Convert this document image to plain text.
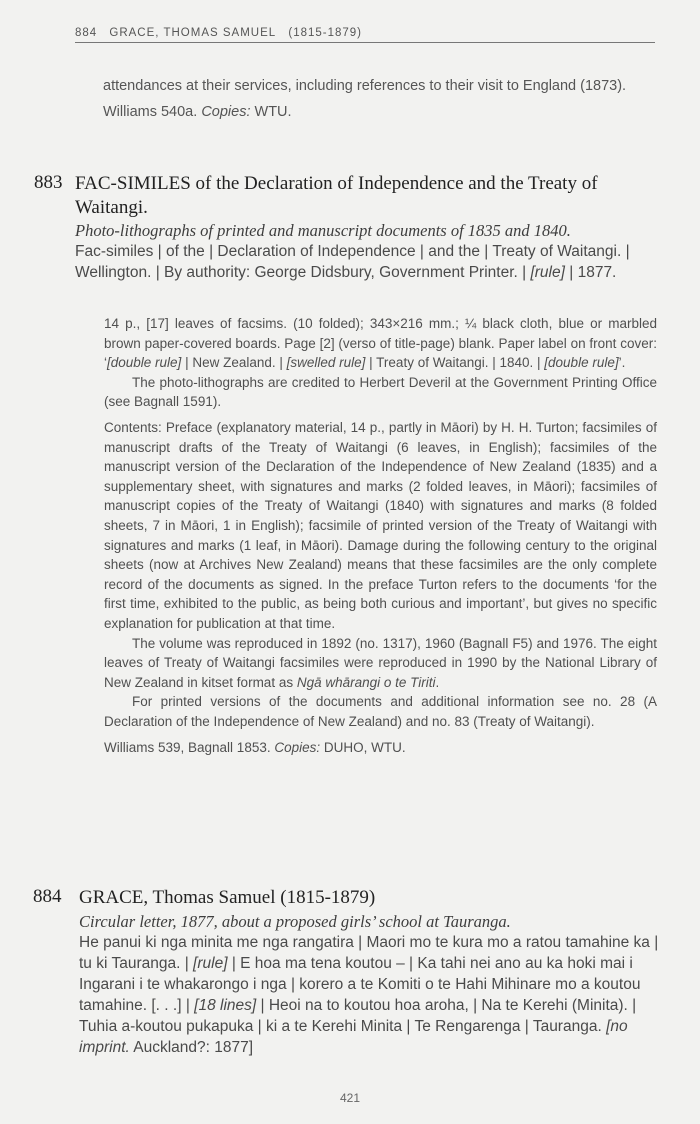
884 GRACE, THOMAS SAMUEL (1815-1879)
attendances at their services, including references to their visit to England (1873).
Williams 540a. Copies: WTU.
883 FAC-SIMILES of the Declaration of Independence and the Treaty of Waitangi.
Photo-lithographs of printed and manuscript documents of 1835 and 1840.
Fac-similes | of the | Declaration of Independence | and the | Treaty of Waitangi. | Wellington. | By authority: George Didsbury, Government Printer. | [rule] | 1877.

14 p., [17] leaves of facsims. (10 folded); 343×216 mm.; ¼ black cloth, blue or marbled brown paper-covered boards. Page [2] (verso of title-page) blank. Paper label on front cover: ‘[double rule] | New Zealand. | [swelled rule] | Treaty of Waitangi. | 1840. | [double rule]’.

The photo-lithographs are credited to Herbert Deveril at the Government Printing Office (see Bagnall 1591).

Contents: Preface (explanatory material, 14 p., partly in Māori) by H. H. Turton; facsimiles of manuscript drafts of the Treaty of Waitangi (6 leaves, in English); facsimiles of the manuscript version of the Declaration of the Independence of New Zealand (1835) and a supplementary sheet, with signatures and marks (2 folded leaves, in Māori); facsimiles of manuscript copies of the Treaty of Waitangi (1840) with signatures and marks (8 folded sheets, 7 in Māori, 1 in English); facsimile of printed version of the Treaty of Waitangi with signatures and marks (1 leaf, in Māori). Damage during the following century to the original sheets (now at Archives New Zealand) means that these facsimiles are the only complete record of the documents as signed. In the preface Turton refers to the documents ‘for the first time, exhibited to the public, as being both curious and important’, but gives no specific explanation for publication at that time.

The volume was reproduced in 1892 (no. 1317), 1960 (Bagnall F5) and 1976. The eight leaves of Treaty of Waitangi facsimiles were reproduced in 1990 by the National Library of New Zealand in kitset format as Ngā whārangi o te Tiriti.

For printed versions of the documents and additional information see no. 28 (A Declaration of the Independence of New Zealand) and no. 83 (Treaty of Waitangi).

Williams 539, Bagnall 1853. Copies: DUHO, WTU.
884 GRACE, Thomas Samuel (1815-1879)
Circular letter, 1877, about a proposed girls’ school at Tauranga.
He panui ki nga minita me nga rangatira | Maori mo te kura mo a ratou tamahine ka | tu ki Tauranga. | [rule] | E hoa ma tena koutou – | Ka tahi nei ano au ka hoki mai i Ingarani i te whakarongo i nga | korero a te Komiti o te Hahi Mihinare mo a koutou tamahine. [. . .] | [18 lines] | Heoi na to koutou hoa aroha, | Na te Kerehi (Minita). | Tuhia a-koutou pukapuka | ki a te Kerehi Minita | Te Rengarenga | Tauranga. [no imprint. Auckland?: 1877]
421
